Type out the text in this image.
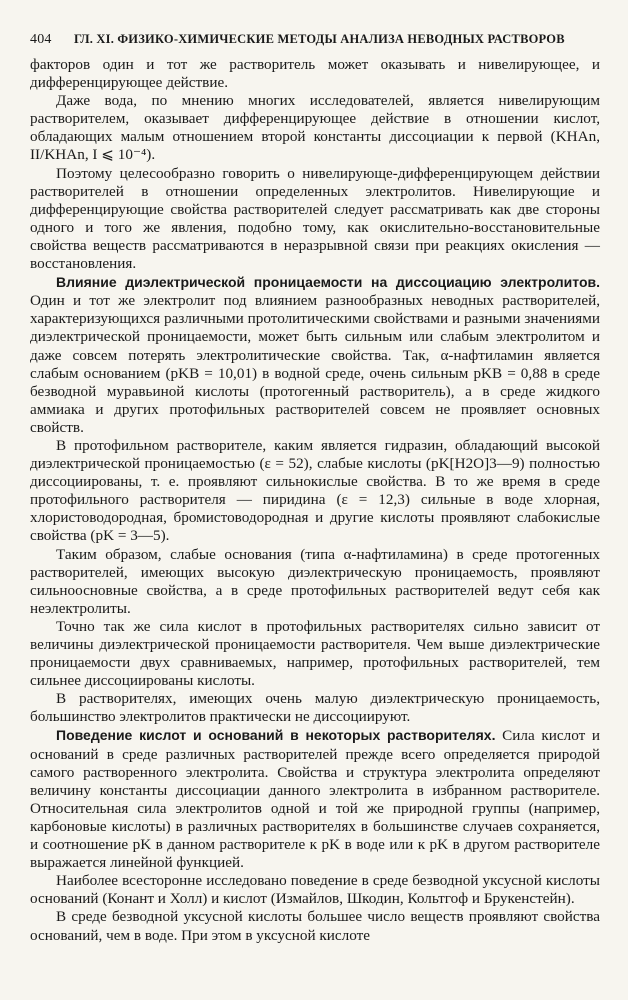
404 ГЛ. XI. ФИЗИКО-ХИМИЧЕСКИЕ МЕТОДЫ АНАЛИЗА НЕВОДНЫХ РАСТВОРОВ

факторов один и тот же растворитель может оказывать и нивелирующее, и дифференцирующее действие.

Даже вода, по мнению многих исследователей, является нивелирующим растворителем, оказывает дифференцирующее действие в отношении кислот, обладающих малым отношением второй константы диссоциации к первой (KHAn, II/KHAn, I ⩽ 10⁻⁴).

Поэтому целесообразно говорить о нивелирующе-дифференцирующем действии растворителей в отношении определенных электролитов. Нивелирующие и дифференцирующие свойства растворителей следует рассматривать как две стороны одного и того же явления, подобно тому, как окислительно-восстановительные свойства веществ рассматриваются в неразрывной связи при реакциях окисления — восстановления.

Влияние диэлектрической проницаемости на диссоциацию электролитов. Один и тот же электролит под влиянием разнообразных неводных растворителей, характеризующихся различными протолитическими свойствами и разными значениями диэлектрической проницаемости, может быть сильным или слабым электролитом и даже совсем потерять электролитические свойства. Так, α-нафтиламин является слабым основанием (pKB = 10,01) в водной среде, очень сильным pKB = 0,88 в среде безводной муравьиной кислоты (протогенный растворитель), а в среде жидкого аммиака и других протофильных растворителей совсем не проявляет основных свойств.

В протофильном растворителе, каким является гидразин, обладающий высокой диэлектрической проницаемостью (ε = 52), слабые кислоты (pK[H2O]3—9) полностью диссоциированы, т. е. проявляют сильнокислые свойства. В то же время в среде протофильного растворителя — пиридина (ε = 12,3) сильные в воде хлорная, хлористоводородная, бромистоводородная и другие кислоты проявляют слабокислые свойства (pK = 3—5).

Таким образом, слабые основания (типа α-нафтиламина) в среде протогенных растворителей, имеющих высокую диэлектрическую проницаемость, проявляют сильноосновные свойства, а в среде протофильных растворителей ведут себя как неэлектролиты.

Точно так же сила кислот в протофильных растворителях сильно зависит от величины диэлектрической проницаемости растворителя. Чем выше диэлектрические проницаемости двух сравниваемых, например, протофильных растворителей, тем сильнее диссоциированы кислоты.

В растворителях, имеющих очень малую диэлектрическую проницаемость, большинство электролитов практически не диссоциируют.

Поведение кислот и оснований в некоторых растворителях. Сила кислот и оснований в среде различных растворителей прежде всего определяется природой самого растворенного электролита. Свойства и структура электролита определяют величину константы диссоциации данного электролита в избранном растворителе. Относительная сила электролитов одной и той же природной группы (например, карбоновые кислоты) в различных растворителях в большинстве случаев сохраняется, и соотношение pK в данном растворителе к pK в воде или к pK в другом растворителе выражается линейной функцией.

Наиболее всесторонне исследовано поведение в среде безводной уксусной кислоты оснований (Конант и Холл) и кислот (Измайлов, Шкодин, Кольтгоф и Брукенстейн).

В среде безводной уксусной кислоты большее число веществ проявляют свойства оснований, чем в воде. При этом в уксусной кислоте
